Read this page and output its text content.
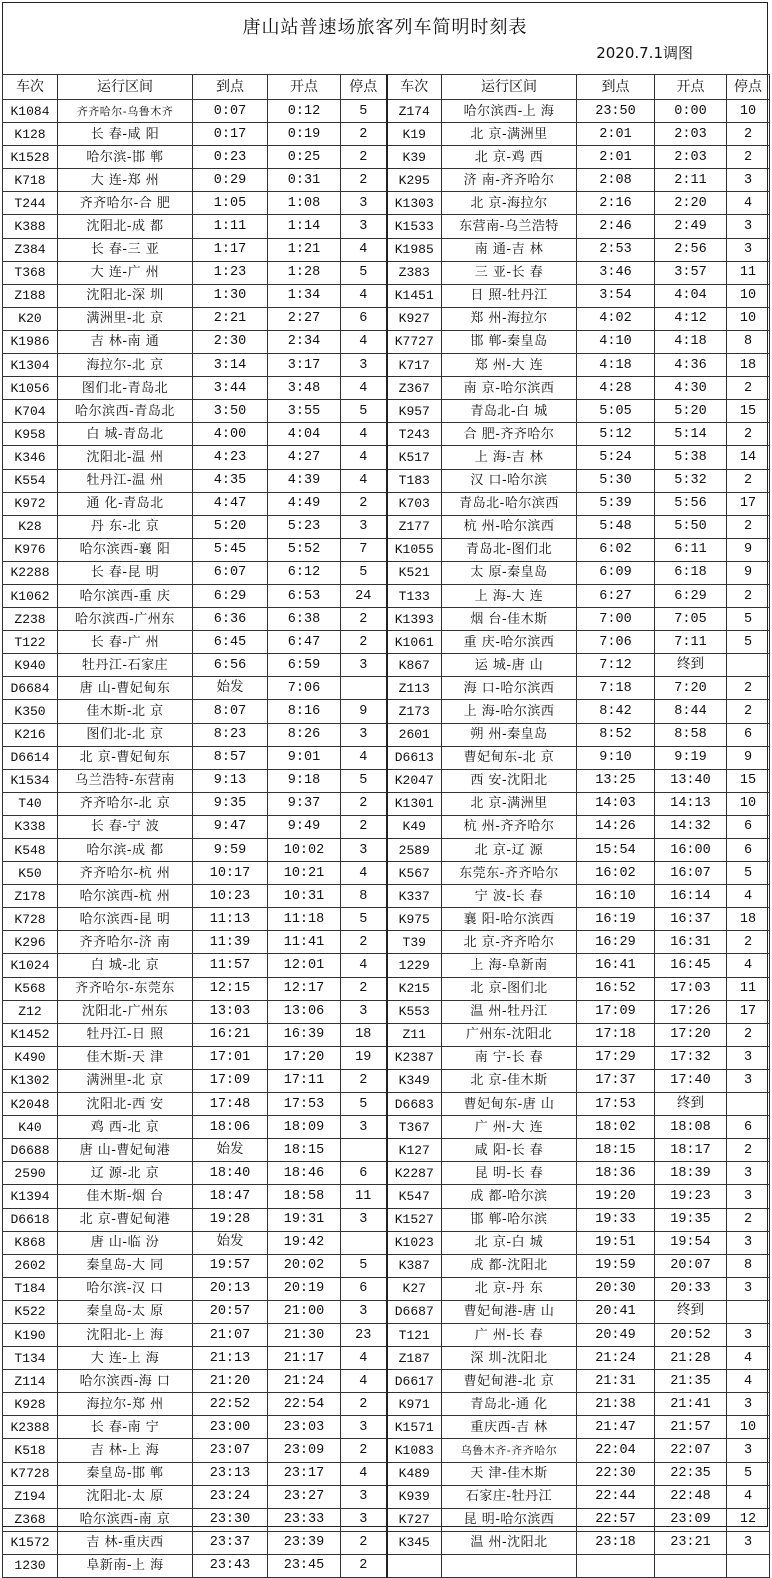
唐山站普速场旅客列车简明时刻表
2020.7.1调图
车次	运行区间	到点	开点	停点	车次	运行区间	到点	开点	停点
K1084	齐齐哈尔-乌鲁木齐	0:07	0:12	5	Z174	哈尔滨西-上 海	23:50	0:00	10
K128	长 春-咸 阳	0:17	0:19	2	K19	北 京-满洲里	2:01	2:03	2
K1528	哈尔滨-邯 郸	0:23	0:25	2	K39	北 京-鸡 西	2:01	2:03	2
K718	大 连-郑 州	0:29	0:31	2	K295	济 南-齐齐哈尔	2:08	2:11	3
T244	齐齐哈尔-合 肥	1:05	1:08	3	K1303	北 京-海拉尔	2:16	2:20	4
K388	沈阳北-成 都	1:11	1:14	3	K1533	东营南-乌兰浩特	2:46	2:49	3
Z384	长 春-三 亚	1:17	1:21	4	K1985	南 通-吉 林	2:53	2:56	3
T368	大 连-广 州	1:23	1:28	5	Z383	三 亚-长 春	3:46	3:57	11
Z188	沈阳北-深 圳	1:30	1:34	4	K1451	日 照-牡丹江	3:54	4:04	10
K20	满洲里-北 京	2:21	2:27	6	K927	郑 州-海拉尔	4:02	4:12	10
K1986	吉 林-南 通	2:30	2:34	4	K7727	邯 郸-秦皇岛	4:10	4:18	8
K1304	海拉尔-北 京	3:14	3:17	3	K717	郑 州-大 连	4:18	4:36	18
K1056	图们北-青岛北	3:44	3:48	4	Z367	南 京-哈尔滨西	4:28	4:30	2
K704	哈尔滨西-青岛北	3:50	3:55	5	K957	青岛北-白 城	5:05	5:20	15
K958	白 城-青岛北	4:00	4:04	4	T243	合 肥-齐齐哈尔	5:12	5:14	2
K346	沈阳北-温 州	4:23	4:27	4	K517	上 海-吉 林	5:24	5:38	14
K554	牡丹江-温 州	4:35	4:39	4	T183	汉 口-哈尔滨	5:30	5:32	2
K972	通 化-青岛北	4:47	4:49	2	K703	青岛北-哈尔滨西	5:39	5:56	17
K28	丹 东-北 京	5:20	5:23	3	Z177	杭 州-哈尔滨西	5:48	5:50	2
K976	哈尔滨西-襄 阳	5:45	5:52	7	K1055	青岛北-图们北	6:02	6:11	9
K2288	长 春-昆 明	6:07	6:12	5	K521	太 原-秦皇岛	6:09	6:18	9
K1062	哈尔滨西-重 庆	6:29	6:53	24	T133	上 海-大 连	6:27	6:29	2
Z238	哈尔滨西-广州东	6:36	6:38	2	K1393	烟 台-佳木斯	7:00	7:05	5
T122	长 春-广 州	6:45	6:47	2	K1061	重 庆-哈尔滨西	7:06	7:11	5
K940	牡丹江-石家庄	6:56	6:59	3	K867	运 城-唐 山	7:12	终到	
D6684	唐 山-曹妃甸东	始发	7:06		Z113	海 口-哈尔滨西	7:18	7:20	2
K350	佳木斯-北 京	8:07	8:16	9	Z173	上 海-哈尔滨西	8:42	8:44	2
K216	图们北-北 京	8:23	8:26	3	2601	朔 州-秦皇岛	8:52	8:58	6
D6614	北 京-曹妃甸东	8:57	9:01	4	D6613	曹妃甸东-北 京	9:10	9:19	9
K1534	乌兰浩特-东营南	9:13	9:18	5	K2047	西 安-沈阳北	13:25	13:40	15
T40	齐齐哈尔-北 京	9:35	9:37	2	K1301	北 京-满洲里	14:03	14:13	10
K338	长 春-宁 波	9:47	9:49	2	K49	杭 州-齐齐哈尔	14:26	14:32	6
K548	哈尔滨-成 都	9:59	10:02	3	2589	北 京-辽 源	15:54	16:00	6
K50	齐齐哈尔-杭 州	10:17	10:21	4	K567	东莞东-齐齐哈尔	16:02	16:07	5
Z178	哈尔滨西-杭 州	10:23	10:31	8	K337	宁 波-长 春	16:10	16:14	4
K728	哈尔滨西-昆 明	11:13	11:18	5	K975	襄 阳-哈尔滨西	16:19	16:37	18
K296	齐齐哈尔-济 南	11:39	11:41	2	T39	北 京-齐齐哈尔	16:29	16:31	2
K1024	白 城-北 京	11:57	12:01	4	1229	上 海-阜新南	16:41	16:45	4
K568	齐齐哈尔-东莞东	12:15	12:17	2	K215	北 京-图们北	16:52	17:03	11
Z12	沈阳北-广州东	13:03	13:06	3	K553	温 州-牡丹江	17:09	17:26	17
K1452	牡丹江-日 照	16:21	16:39	18	Z11	广州东-沈阳北	17:18	17:20	2
K490	佳木斯-天 津	17:01	17:20	19	K2387	南 宁-长 春	17:29	17:32	3
K1302	满洲里-北 京	17:09	17:11	2	K349	北 京-佳木斯	17:37	17:40	3
K2048	沈阳北-西 安	17:48	17:53	5	D6683	曹妃甸东-唐 山	17:53	终到	
K40	鸡 西-北 京	18:06	18:09	3	T367	广 州-大 连	18:02	18:08	6
D6688	唐 山-曹妃甸港	始发	18:15		K127	咸 阳-长 春	18:15	18:17	2
2590	辽 源-北 京	18:40	18:46	6	K2287	昆 明-长 春	18:36	18:39	3
K1394	佳木斯-烟 台	18:47	18:58	11	K547	成 都-哈尔滨	19:20	19:23	3
D6618	北 京-曹妃甸港	19:28	19:31	3	K1527	邯 郸-哈尔滨	19:33	19:35	2
K868	唐 山-临 汾	始发	19:42		K1023	北 京-白 城	19:51	19:54	3
2602	秦皇岛-大 同	19:57	20:02	5	K387	成 都-沈阳北	19:59	20:07	8
T184	哈尔滨-汉 口	20:13	20:19	6	K27	北 京-丹 东	20:30	20:33	3
K522	秦皇岛-太 原	20:57	21:00	3	D6687	曹妃甸港-唐 山	20:41	终到	
K190	沈阳北-上 海	21:07	21:30	23	T121	广 州-长 春	20:49	20:52	3
T134	大 连-上 海	21:13	21:17	4	Z187	深 圳-沈阳北	21:24	21:28	4
Z114	哈尔滨西-海 口	21:20	21:24	4	D6617	曹妃甸港-北 京	21:31	21:35	4
K928	海拉尔-郑 州	22:52	22:54	2	K971	青岛北-通 化	21:38	21:41	3
K2388	长 春-南 宁	23:00	23:03	3	K1571	重庆西-吉 林	21:47	21:57	10
K518	吉 林-上 海	23:07	23:09	2	K1083	乌鲁木齐-齐齐哈尔	22:04	22:07	3
K7728	秦皇岛-邯 郸	23:13	23:17	4	K489	天 津-佳木斯	22:30	22:35	5
Z194	沈阳北-太 原	23:24	23:27	3	K939	石家庄-牡丹江	22:44	22:48	4
Z368	哈尔滨西-南 京	23:30	23:33	3	K727	昆 明-哈尔滨西	22:57	23:09	12
K1572	吉 林-重庆西	23:37	23:39	2	K345	温 州-沈阳北	23:18	23:21	3
1230	阜新南-上 海	23:43	23:45	2					
